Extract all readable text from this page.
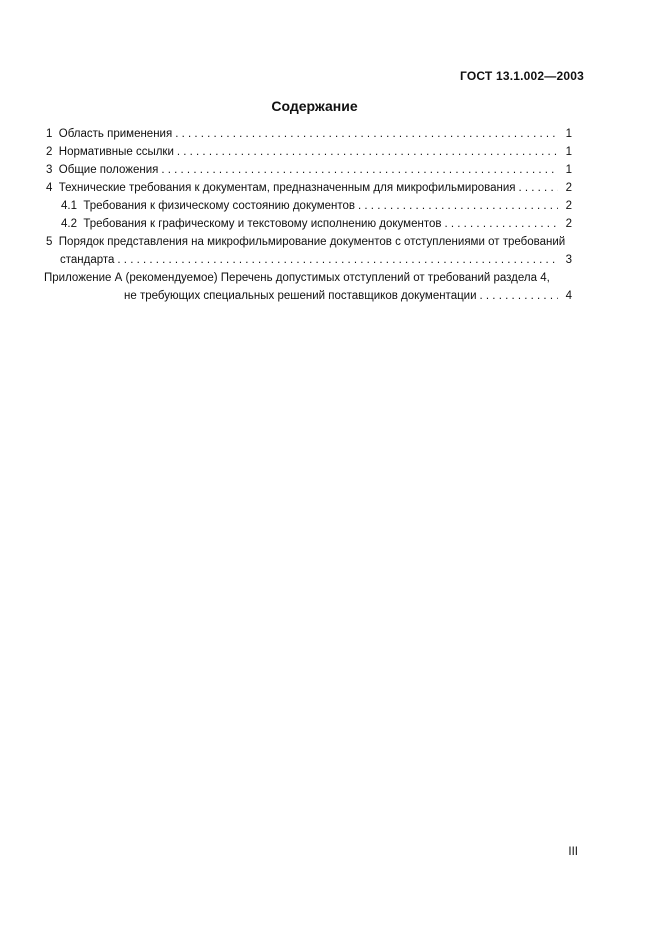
ГОСТ 13.1.002—2003
Содержание
1  Область применения . . .	1
2  Нормативные ссылки . . .	1
3  Общие положения . . .	1
4  Технические требования к документам, предназначенным для микрофильмирования . . .	2
4.1  Требования к физическому состоянию документов . . .	2
4.2  Требования к графическому и текстовому исполнению документов . . .	2
5  Порядок представления на микрофильмирование документов с отступлениями от требований
стандарта . . .	3
Приложение А (рекомендуемое) Перечень допустимых отступлений от требований раздела 4,
не требующих специальных решений поставщиков документации . . .	4
III
